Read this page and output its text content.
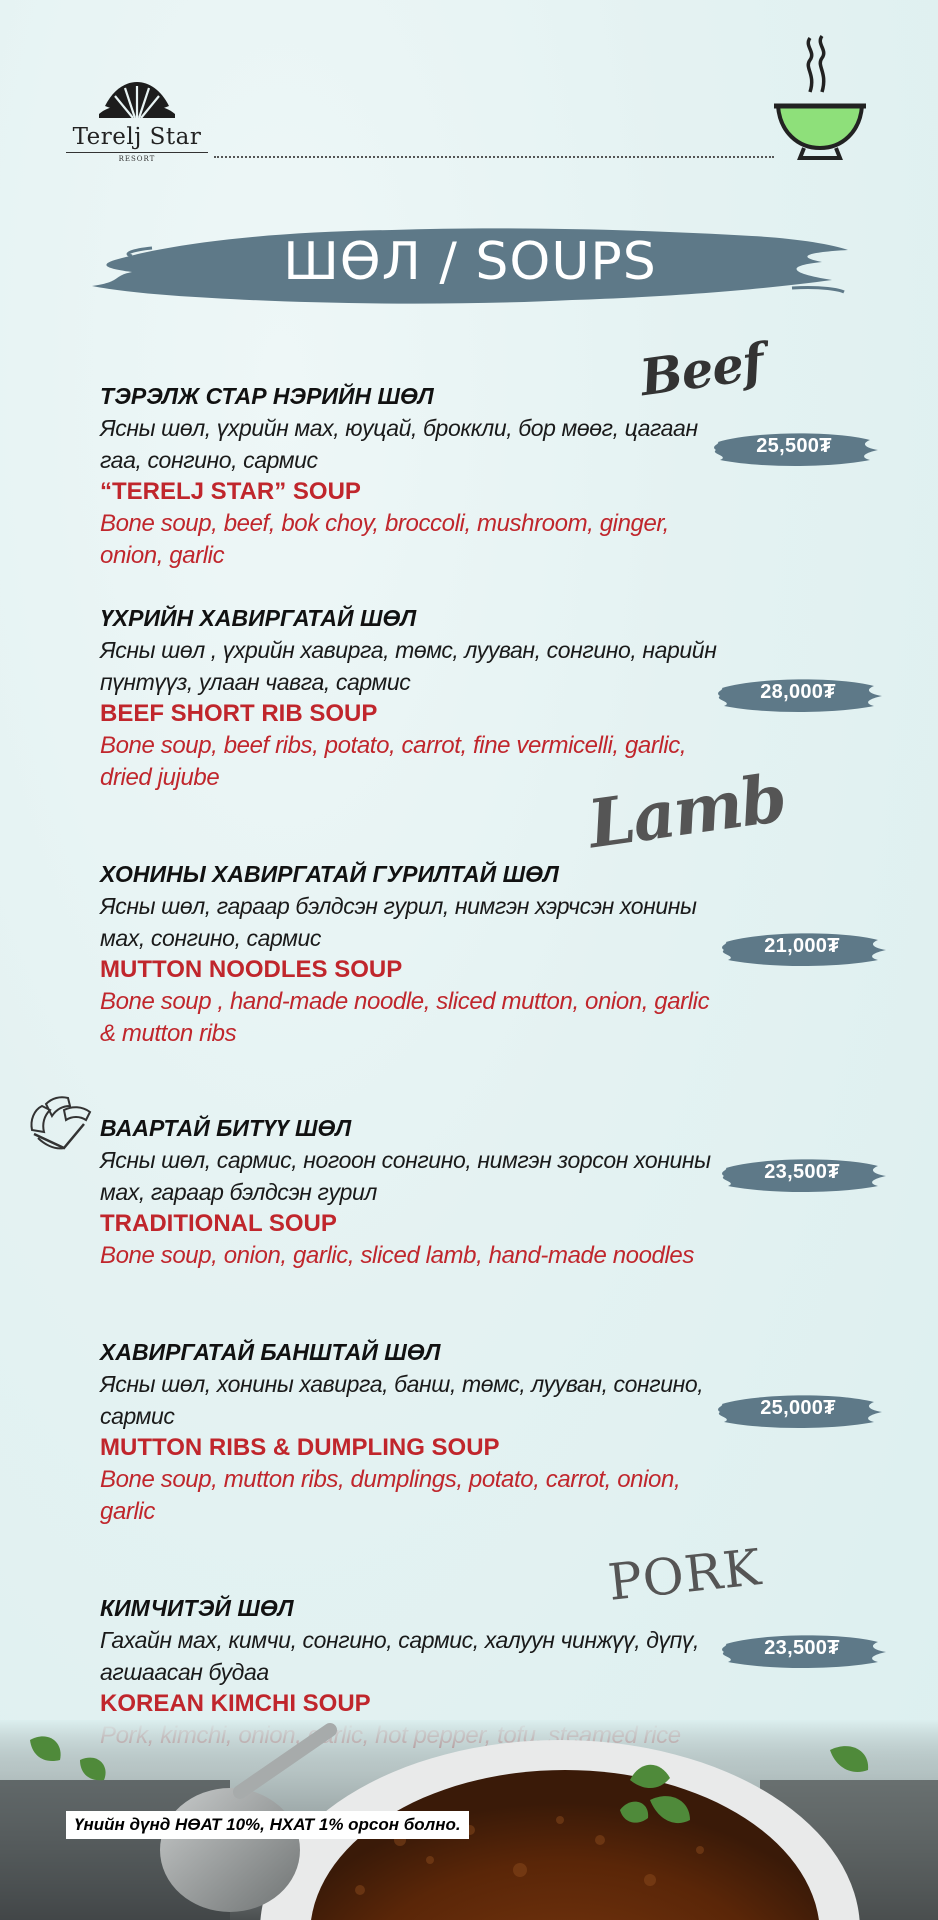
Terelj Star
RESORT
ШӨЛ / SOUPS
Beef
Lamb
PORK
ТЭРЭЛЖ СТАР НЭРИЙН ШӨЛ
Ясны шөл, үхрийн мах, юуцай, броккли, бор мөөг, цагаан гаа, сонгино, сармис
“TERELJ STAR” SOUP
Bone soup, beef, bok choy, broccoli, mushroom, ginger, onion, garlic
25,500₮
ҮХРИЙН ХАВИРГАТАЙ ШӨЛ
Ясны шөл , үхрийн хавирга, төмс, лууван, сонгино, нарийн пүнтүүз, улаан чавга, сармис
BEEF SHORT RIB SOUP
Bone soup, beef ribs, potato, carrot, fine vermicelli, garlic, dried jujube
28,000₮
ХОНИНЫ ХАВИРГАТАЙ ГУРИЛТАЙ ШӨЛ
Ясны шөл, гараар бэлдсэн гурил, нимгэн хэрчсэн хонины мах, сонгино, сармис
MUTTON NOODLES SOUP
Bone soup , hand-made noodle, sliced mutton, onion, garlic & mutton ribs
21,000₮
ВААРТАЙ БИТҮҮ ШӨЛ
Ясны шөл, сармис, ногоон сонгино, нимгэн зорсон хонины мах, гараар бэлдсэн гурил
TRADITIONAL SOUP
Bone soup, onion, garlic, sliced lamb, hand-made noodles
23,500₮
ХАВИРГАТАЙ БАНШТАЙ ШӨЛ
Ясны шөл, хонины хавирга, банш, төмс, лууван, сонгино, сармис
MUTTON RIBS & DUMPLING SOUP
Bone soup, mutton ribs, dumplings, potato, carrot, onion, garlic
25,000₮
КИМЧИТЭЙ ШӨЛ
Гахайн мах, кимчи, сонгино, сармис, халуун чинжүү, дүпү, агшаасан будаа
KOREAN KIMCHI SOUP
23,500₮
Үнийн дүнд НӨАТ 10%, НХАТ 1% орсон болно.
